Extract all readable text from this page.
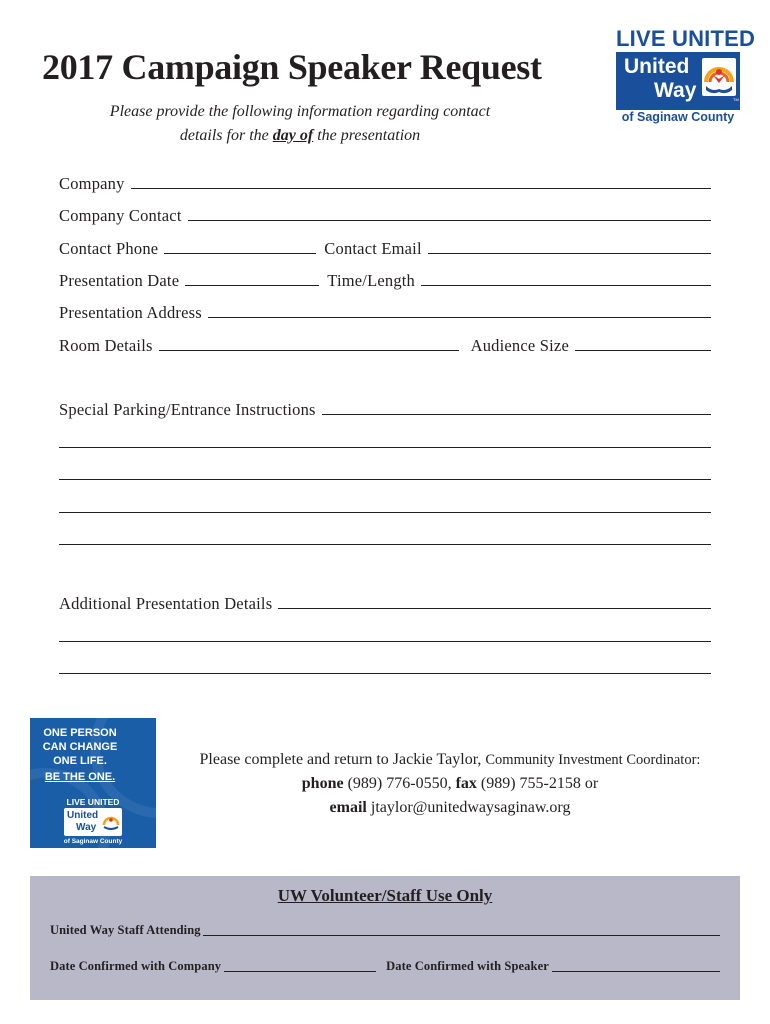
2017 Campaign Speaker Request
Please provide the following information regarding contact
details for the day of the presentation
LIVE UNITED
United
Way	TM
of Saginaw County
Company
Company Contact
Contact Phone	Contact Email
Presentation Date	Time/Length
Presentation Address
Room Details	Audience Size
Special Parking/Entrance Instructions
Additional Presentation Details
ONE PERSON
CAN CHANGE
ONE LIFE.
BE THE ONE.
LIVE UNITED
United
Way
of Saginaw County
Please complete and return to Jackie Taylor, Community Investment Coordinator:
phone (989) 776-0550, fax (989) 755-2158 or
email jtaylor@unitedwaysaginaw.org
UW Volunteer/Staff Use Only
United Way Staff Attending
Date Confirmed with Company	Date Confirmed with Speaker
